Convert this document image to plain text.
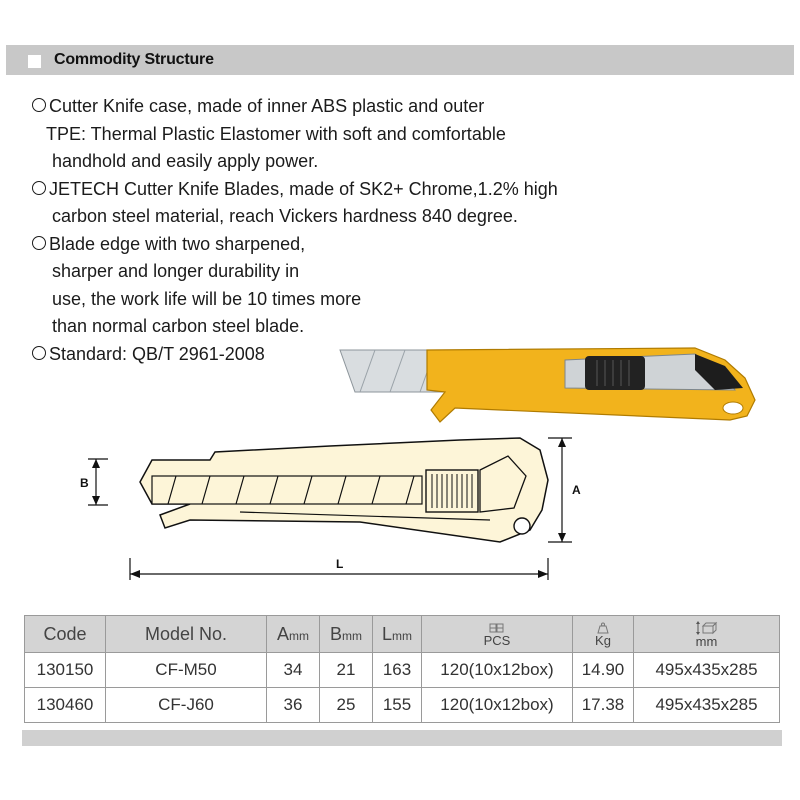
Commodity Structure
Cutter Knife case, made of inner ABS plastic and outer
TPE: Thermal Plastic Elastomer with soft and comfortable
handhold and easily apply power.
JETECH Cutter Knife Blades, made of SK2+ Chrome,1.2% high
carbon steel material, reach Vickers hardness 840 degree.
Blade edge with two sharpened,
sharper and longer durability in
use, the work life will be 10 times more
than normal carbon steel blade.
Standard: QB/T 2961-2008
B	A
L
Code	Model No.	Amm	Bmm	Lmm	PCS	Kg	mm
130150	CF-M50	34	21	163	120(10x12box)	14.90	495x435x285
130460	CF-J60	36	25	155	120(10x12box)	17.38	495x435x285
